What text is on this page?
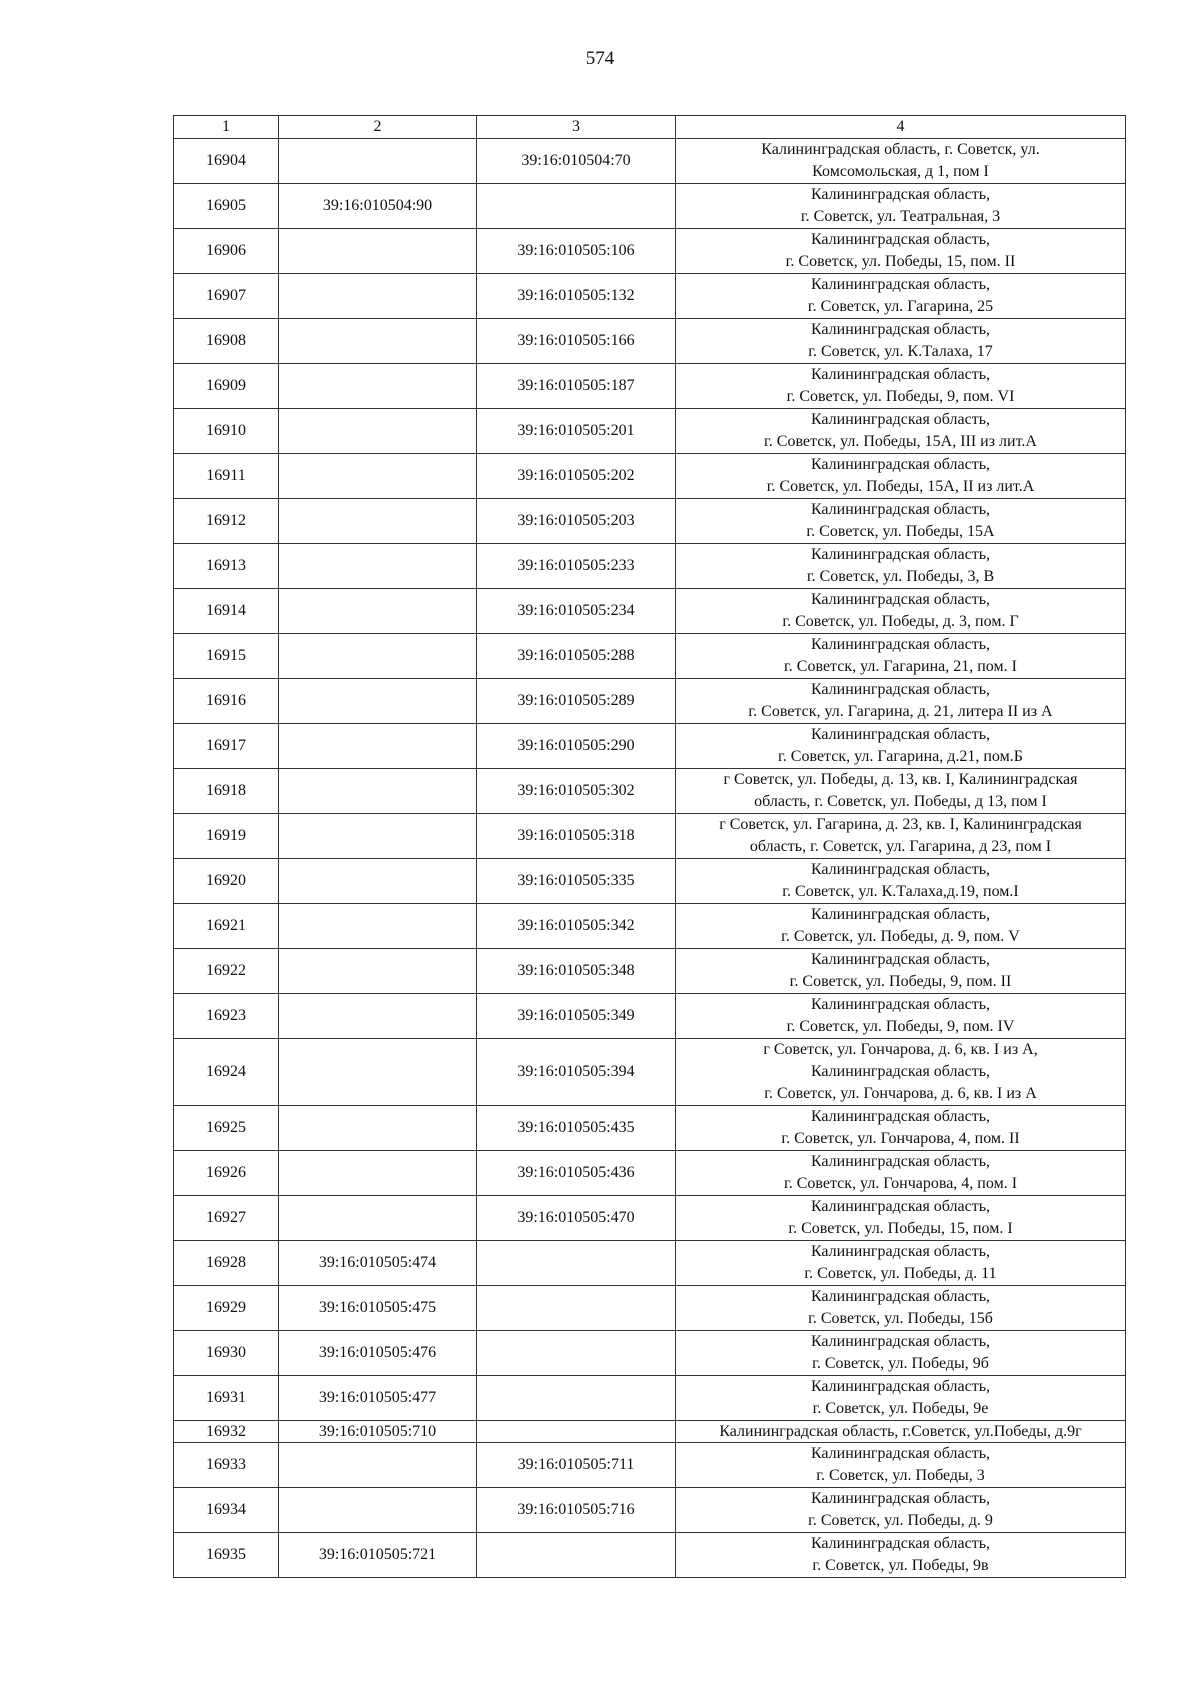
574
1	2	3	4
16904		39:16:010504:70	Калининградская область, г. Советск, ул.
Комсомольская, д 1, пом I

16905	39:16:010504:90		Калининградская область,
г. Советск, ул. Театральная, 3

16906		39:16:010505:106	Калининградская область,
г. Советск, ул. Победы, 15, пом. II

16907		39:16:010505:132	Калининградская область,
г. Советск, ул. Гагарина, 25

16908		39:16:010505:166	Калининградская область,
г. Советск, ул. К.Талаха, 17

16909		39:16:010505:187	Калининградская область,
г. Советск, ул. Победы, 9, пом. VI

16910		39:16:010505:201	Калининградская область,
г. Советск, ул. Победы, 15А, III из лит.А

16911		39:16:010505:202	Калининградская область,
г. Советск, ул. Победы, 15А, II из лит.А

16912		39:16:010505:203	Калининградская область,
г. Советск, ул. Победы, 15А

16913		39:16:010505:233	Калининградская область,
г. Советск, ул. Победы, 3, В

16914		39:16:010505:234	Калининградская область,
г. Советск, ул. Победы, д. 3, пом. Г

16915		39:16:010505:288	Калининградская область,
г. Советск, ул. Гагарина, 21, пом. I

16916		39:16:010505:289	Калининградская область,
г. Советск, ул. Гагарина, д. 21, литера II из А

16917		39:16:010505:290	Калининградская область,
г. Советск, ул. Гагарина, д.21, пом.Б

16918		39:16:010505:302	г Советск, ул. Победы, д. 13, кв. I, Калининградская
область, г. Советск, ул. Победы, д 13, пом I

16919		39:16:010505:318	г Советск, ул. Гагарина, д. 23, кв. I, Калининградская
область, г. Советск, ул. Гагарина, д 23, пом I

16920		39:16:010505:335	Калининградская область,
г. Советск, ул. К.Талаха,д.19, пом.I

16921		39:16:010505:342	Калининградская область,
г. Советск, ул. Победы, д. 9, пом. V

16922		39:16:010505:348	Калининградская область,
г. Советск, ул. Победы, 9, пом. II

16923		39:16:010505:349	Калининградская область,
г. Советск, ул. Победы, 9, пом. IV

16924		39:16:010505:394	г Советск, ул. Гончарова, д. 6, кв. I из А,
Калининградская область,
г. Советск, ул. Гончарова, д. 6, кв. I из А

16925		39:16:010505:435	Калининградская область,
г. Советск, ул. Гончарова, 4, пом. II

16926		39:16:010505:436	Калининградская область,
г. Советск, ул. Гончарова, 4, пом. I

16927		39:16:010505:470	Калининградская область,
г. Советск, ул. Победы, 15, пом. I

16928	39:16:010505:474		Калининградская область,
г. Советск, ул. Победы, д. 11

16929	39:16:010505:475		Калининградская область,
г. Советск, ул. Победы, 15б

16930	39:16:010505:476		Калининградская область,
г. Советск, ул. Победы, 9б

16931	39:16:010505:477		Калининградская область,
г. Советск, ул. Победы, 9е

16932	39:16:010505:710		Калининградская область, г.Советск, ул.Победы, д.9г

16933		39:16:010505:711	Калининградская область,
г. Советск, ул. Победы, 3

16934		39:16:010505:716	Калининградская область,
г. Советск, ул. Победы, д. 9

16935	39:16:010505:721		Калининградская область,
г. Советск, ул. Победы, 9в
